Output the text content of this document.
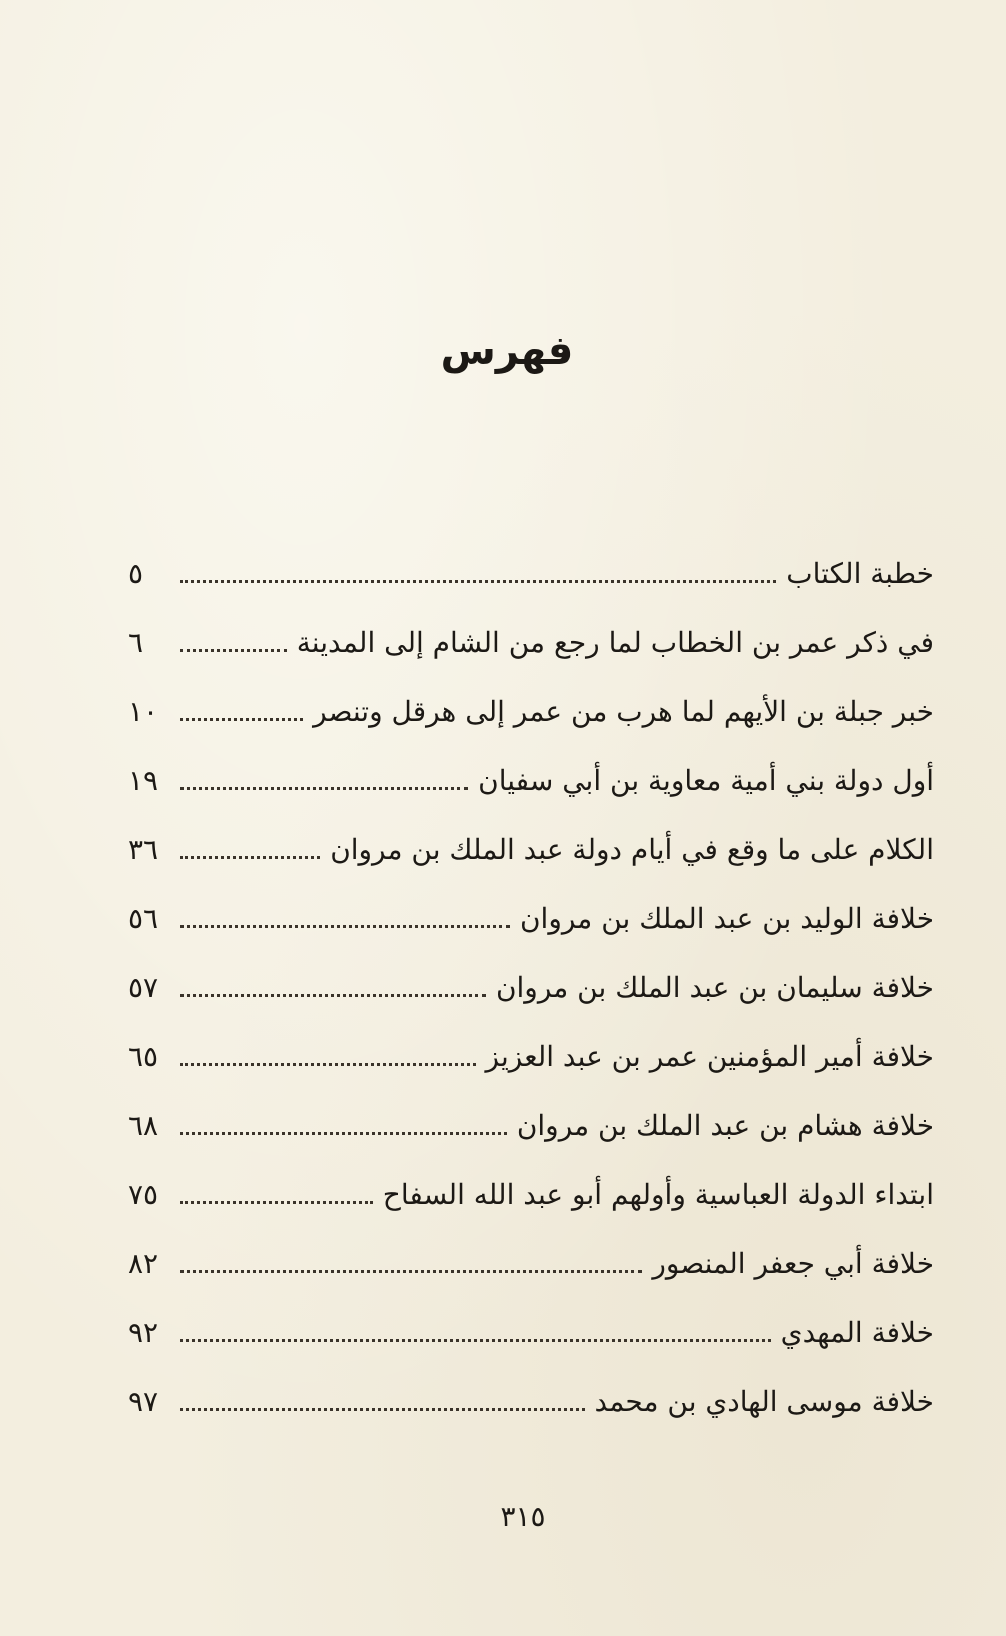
فهرس
خطبة الكتاب
٥
في ذكر عمر بن الخطاب لما رجع من الشام إلى المدينة
٦
خبر جبلة بن الأيهم لما هرب من عمر إلى هرقل وتنصر
١٠
أول دولة بني أمية معاوية بن أبي سفيان
١٩
الكلام على ما وقع في أيام دولة عبد الملك بن مروان
٣٦
خلافة الوليد بن عبد الملك بن مروان
٥٦
خلافة سليمان بن عبد الملك بن مروان
٥٧
خلافة أمير المؤمنين عمر بن عبد العزيز
٦٥
خلافة هشام بن عبد الملك بن مروان
٦٨
ابتداء الدولة العباسية وأولهم أبو عبد الله السفاح
٧٥
خلافة أبي جعفر المنصور
٨٢
خلافة المهدي
٩٢
خلافة موسى الهادي بن محمد
٩٧
٣١٥
